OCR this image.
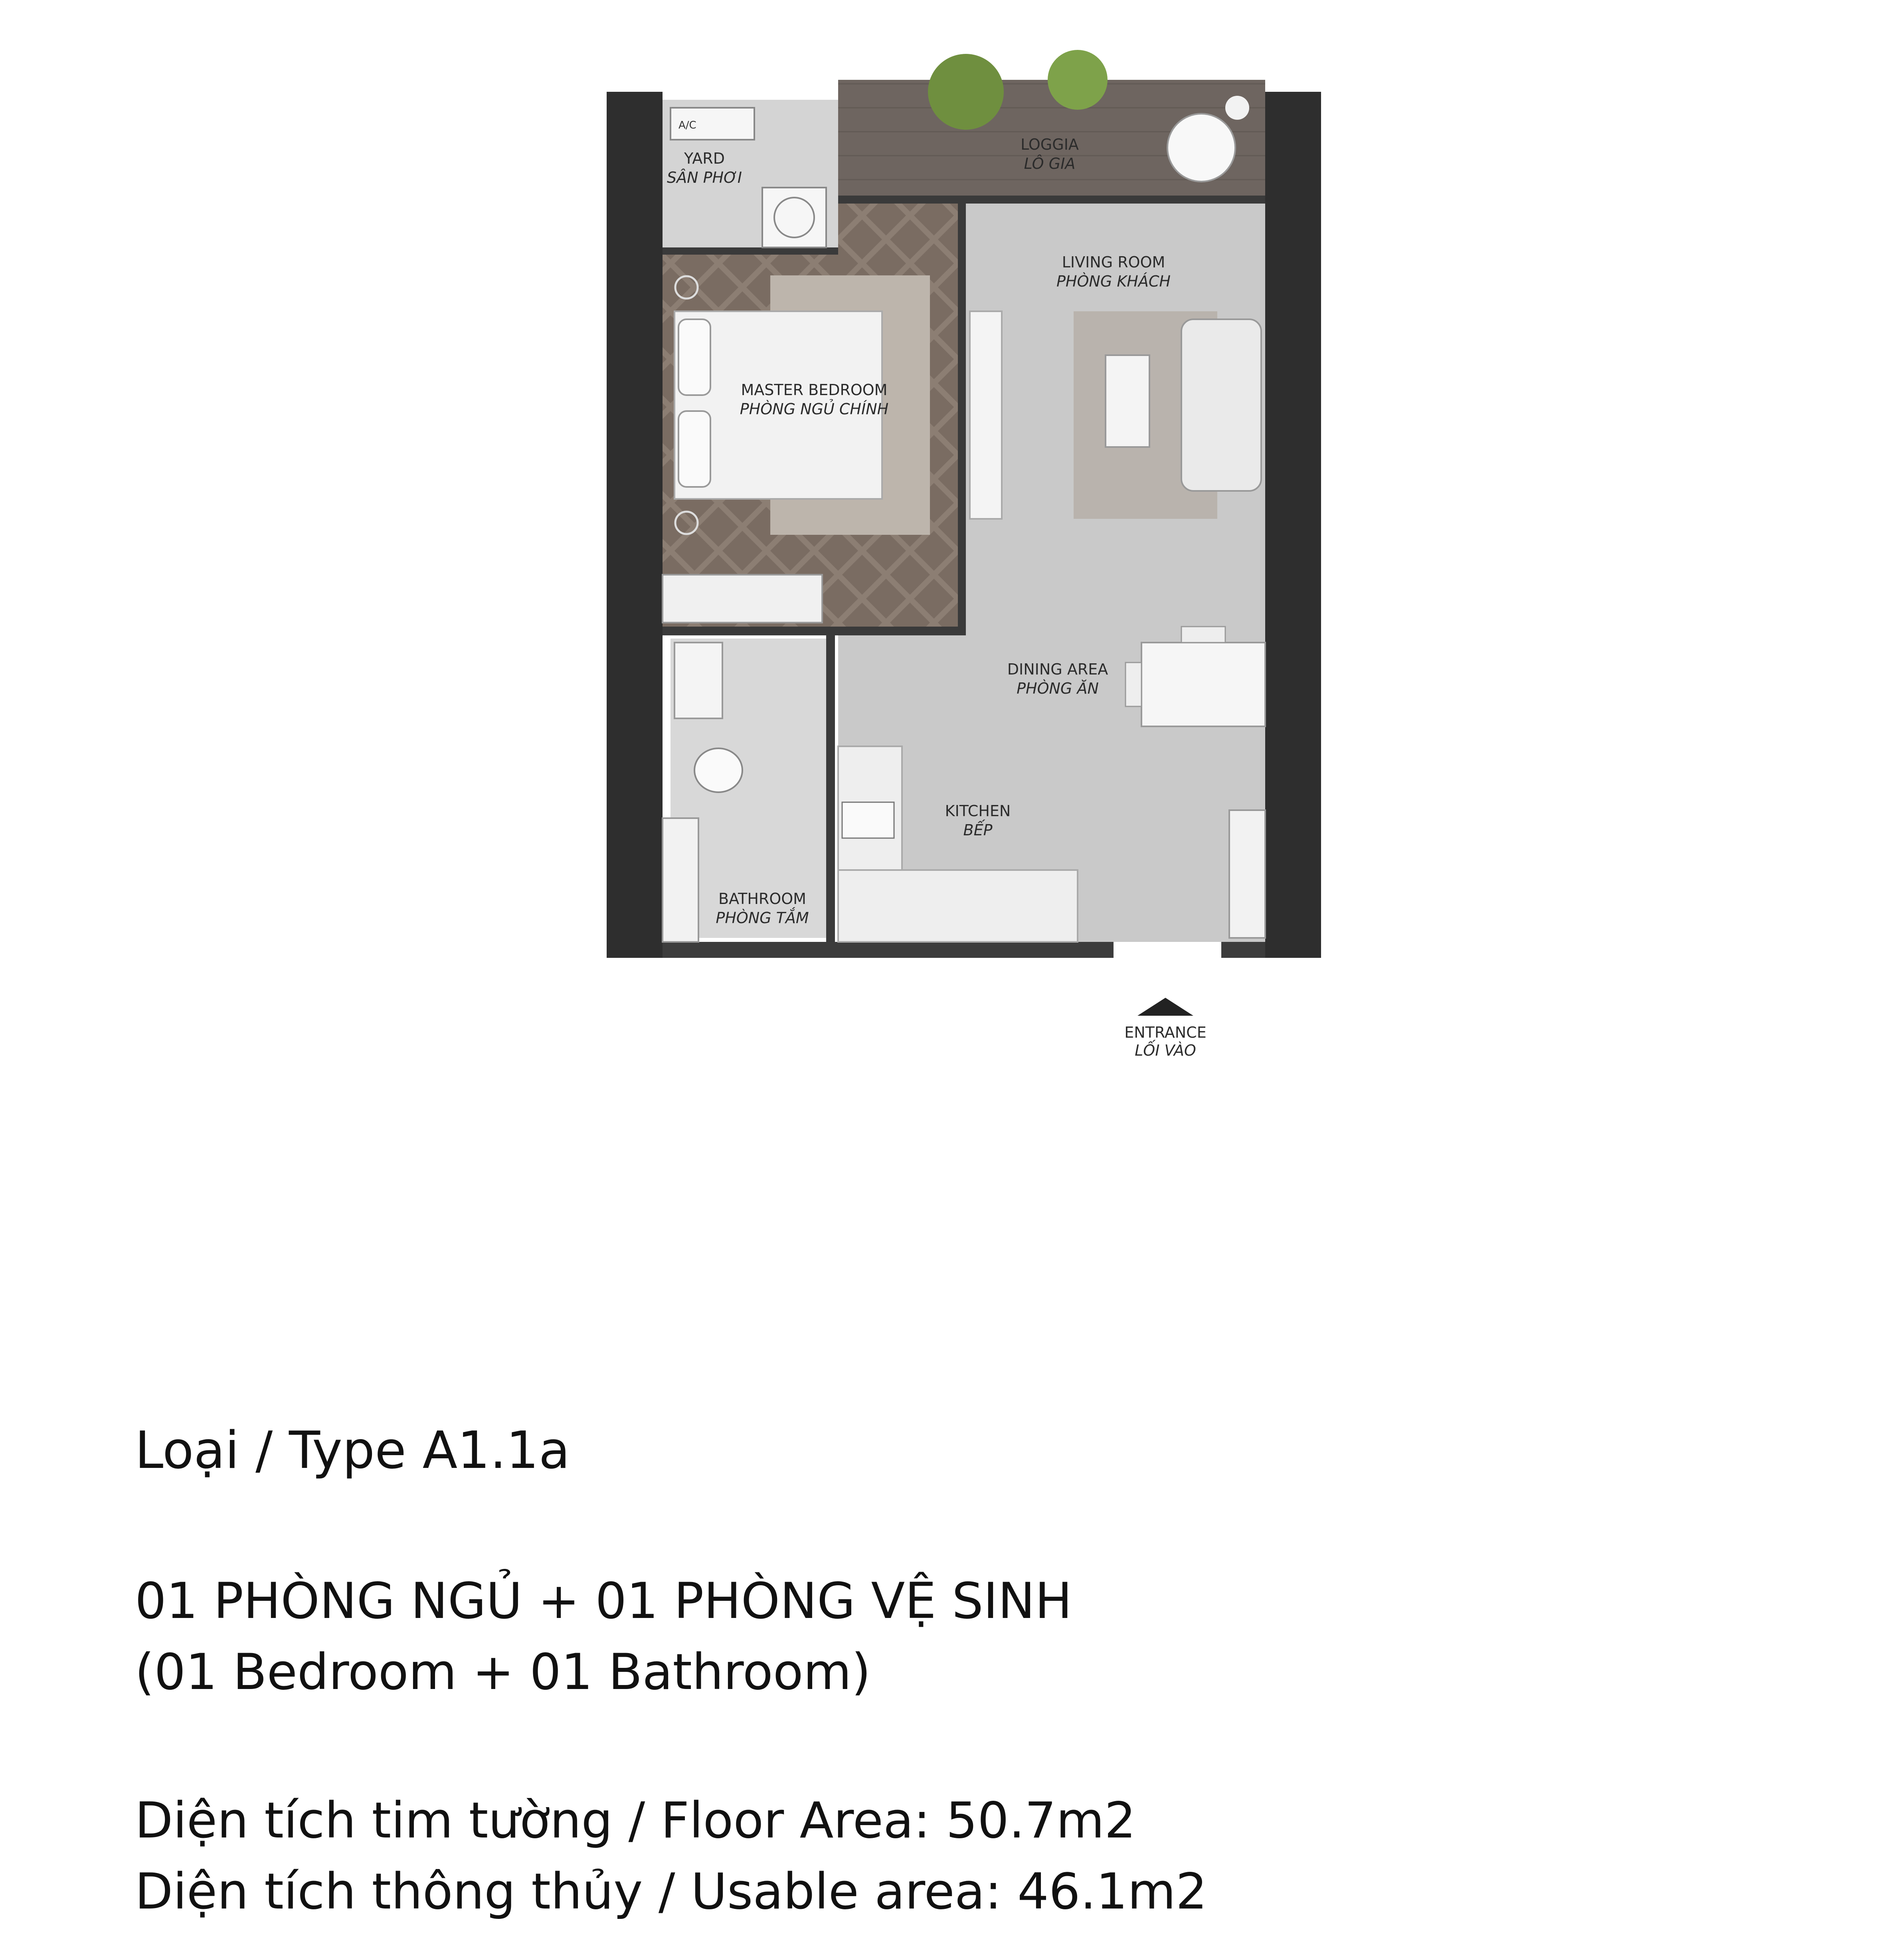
A/C
YARD
SÂN PHƠI
LOGGIA
LÔ GIA
LIVING ROOM
PHÒNG KHÁCH
MASTER BEDROOM
PHÒNG NGỦ CHÍNH
DINING AREA
PHÒNG ĂN
KITCHEN
BẾP
BATHROOM
PHÒNG TẮM
ENTRANCE
LỐI VÀO
Loại / Type A1.1a
01 PHÒNG NGỦ + 01 PHÒNG VỆ SINH
(01 Bedroom + 01 Bathroom)
Diện tích tim tường / Floor Area: 50.7m2
Diện tích thông thủy / Usable area: 46.1m2
